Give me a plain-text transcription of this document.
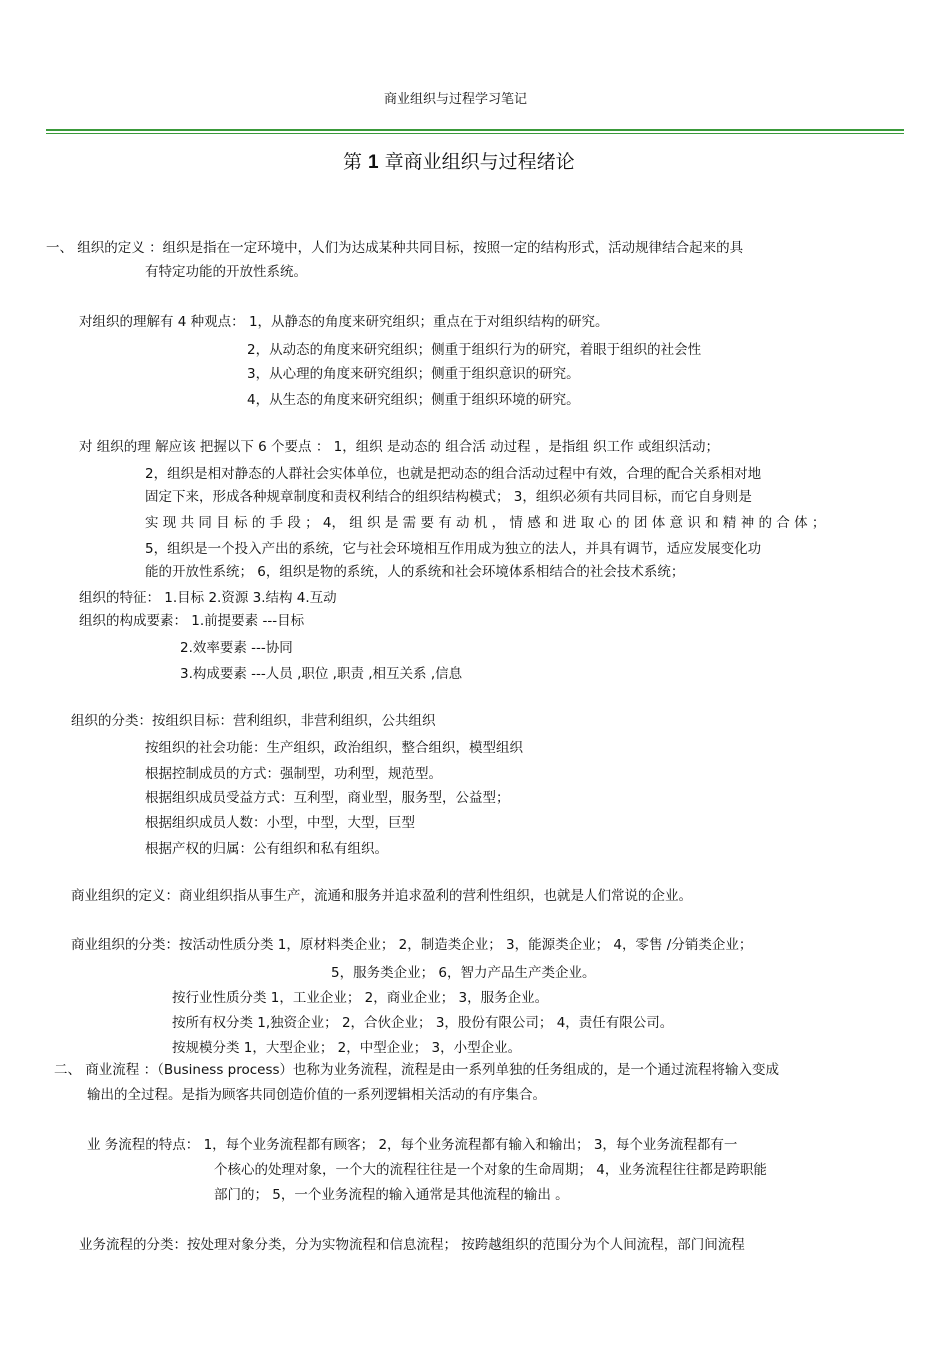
商业组织与过程学习笔记
第 1 章商业组织与过程绪论
一、 组织的定义 ：组织是指在一定环境中，人们为达成某种共同目标，按照一定的结构形式，活动规律结合起来的具
有特定功能的开放性系统。
对组织的理解有 4 种观点： 1，从静态的角度来研究组织；重点在于对组织结构的研究。
2，从动态的角度来研究组织；侧重于组织行为的研究，着眼于组织的社会性
3，从心理的角度来研究组织；侧重于组织意识的研究。
4，从生态的角度来研究组织；侧重于组织环境的研究。
对 组织的理 解应该 把握以下 6 个要点 ： 1，组织 是动态的 组合活 动过程 ，是指组 织工作 或组织活动；
2，组织是相对静态的人群社会实体单位，也就是把动态的组合活动过程中有效，合理的配合关系相对地
固定下来，形成各种规章制度和责权利结合的组织结构模式； 3，组织必须有共同目标，而它自身则是
实 现 共 同 目 标 的 手 段 ； 4， 组 织 是 需 要 有 动 机 ， 情 感 和 进 取 心 的 团 体 意 识 和 精 神 的 合 体 ；
5，组织是一个投入产出的系统，它与社会环境相互作用成为独立的法人，并具有调节，适应发展变化功
能的开放性系统； 6，组织是物的系统，人的系统和社会环境体系相结合的社会技术系统；
组织的特征： 1.目标 2.资源 3.结构 4.互动
组织的构成要素： 1.前提要素 ---目标
2.效率要素 ---协同
3.构成要素 ---人员 ,职位 ,职责 ,相互关系 ,信息
组织的分类：按组织目标：营利组织，非营利组织，公共组织
按组织的社会功能：生产组织，政治组织，整合组织，模型组织
根据控制成员的方式：强制型，功利型，规范型。
根据组织成员受益方式：互利型，商业型，服务型，公益型；
根据组织成员人数：小型，中型，大型，巨型
根据产权的归属：公有组织和私有组织。
商业组织的定义：商业组织指从事生产，流通和服务并追求盈利的营利性组织，也就是人们常说的企业。
商业组织的分类：按活动性质分类 1，原材料类企业； 2，制造类企业； 3，能源类企业； 4，零售 /分销类企业；
5，服务类企业； 6，智力产品生产类企业。
按行业性质分类 1，工业企业； 2，商业企业； 3，服务企业。
按所有权分类 1,独资企业； 2，合伙企业； 3，股份有限公司； 4，责任有限公司。
按规模分类 1，大型企业； 2，中型企业； 3，小型企业。
二、 商业流程 ：（Business process）也称为业务流程，流程是由一系列单独的任务组成的，是一个通过流程将输入变成
输出的全过程。是指为顾客共同创造价值的一系列逻辑相关活动的有序集合。
业 务流程的特点： 1，每个业务流程都有顾客； 2，每个业务流程都有输入和输出； 3，每个业务流程都有一
个核心的处理对象，一个大的流程往往是一个对象的生命周期； 4，业务流程往往都是跨职能
部门的； 5，一个业务流程的输入通常是其他流程的输出 。
业务流程的分类：按处理对象分类，分为实物流程和信息流程； 按跨越组织的范围分为个人间流程，部门间流程
